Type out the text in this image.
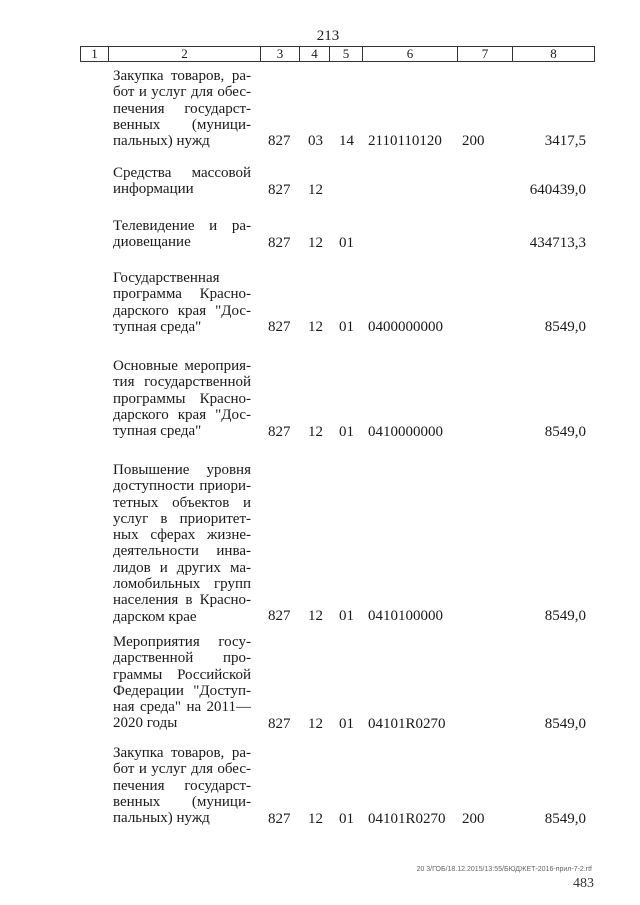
213
1	2	3	4	5	6	7	8
Закупка товаров, ра-
бот и услуг для обес-
печения государст-
венных (муници-
пальных) нужд	827 03 14 2110110120 200	3417,5
Средства массовой
информации	827 12	640439,0
Телевидение и ра-
диовещание	827 12 01	434713,3
Государственная
программа Красно-
дарского края "Дос-
тупная среда"	827 12 01 0400000000	8549,0
Основные мероприя-
тия государственной
программы Красно-
дарского края "Дос-
тупная среда"	827 12 01 0410000000	8549,0
Повышение уровня
доступности приори-
тетных объектов и
услуг в приоритет-
ных сферах жизне-
деятельности инва-
лидов и других ма-
ломобильных групп
населения в Красно-
дарском крае	827 12 01 0410100000	8549,0
Мероприятия госу-
дарственной про-
граммы Российской
Федерации "Доступ-
ная среда" на 2011—
2020 годы	827 12 01 04101R0270	8549,0
Закупка товаров, ра-
бот и услуг для обес-
печения государст-
венных (муници-
пальных) нужд	827 12 01 04101R0270 200	8549,0
20 3/ГОБ/18.12.2015/13:55/БЮДЖЕТ-2016-прил-7-2.rtf
483
